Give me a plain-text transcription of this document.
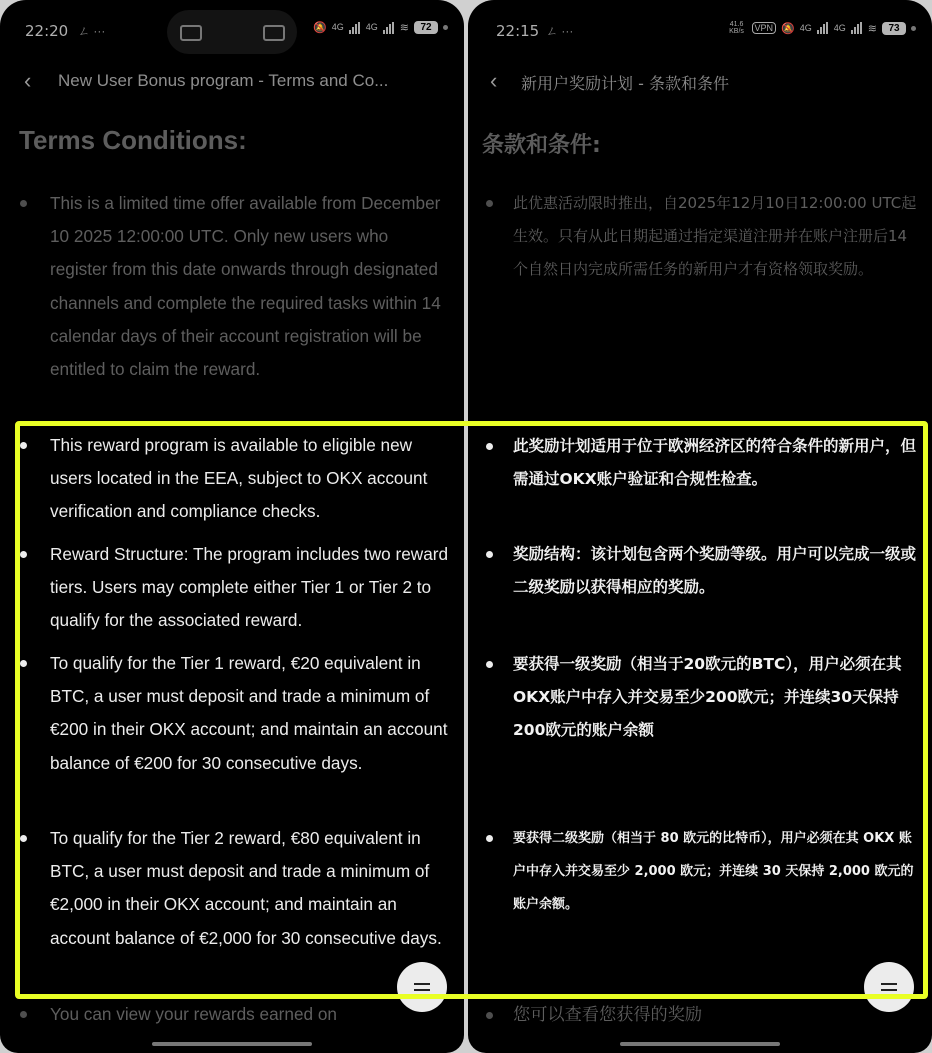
22:20 ㄥ ···	🔕 4G 4G ≋	72
‹ New User Bonus program - Terms and Co...
Terms Conditions:
This is a limited time offer available from December 10 2025 12:00:00 UTC. Only new users who register from this date onwards through designated channels and complete the required tasks within 14 calendar days of their account registration will be entitled to claim the reward.
This reward program is available to eligible new users located in the EEA, subject to OKX account verification and compliance checks.
Reward Structure: The program includes two reward tiers. Users may complete either Tier 1 or Tier 2 to qualify for the associated reward.
To qualify for the Tier 1 reward, €20 equivalent in BTC, a user must deposit and trade a minimum of €200 in their OKX account; and maintain an account balance of €200 for 30 consecutive days.
To qualify for the Tier 2 reward, €80 equivalent in BTC, a user must deposit and trade a minimum of €2,000 in their OKX account; and maintain an account balance of €2,000 for 30 consecutive days.
You can view your rewards earned on
22:15 ㄥ ···	41.6 KB/s	VPN 🔕 4G 4G ≋	73
‹ 新用户奖励计划 - 条款和条件
条款和条件:
此优惠活动限时推出，自2025年12月10日12:00:00 UTC起生效。只有从此日期起通过指定渠道注册并在账户注册后14个自然日内完成所需任务的新用户才有资格领取奖励。
此奖励计划适用于位于欧洲经济区的符合条件的新用户，但需通过OKX账户验证和合规性检查。
奖励结构：该计划包含两个奖励等级。用户可以完成一级或二级奖励以获得相应的奖励。
要获得一级奖励（相当于20欧元的BTC），用户必须在其OKX账户中存入并交易至少200欧元；并连续30天保持200欧元的账户余额
要获得二级奖励（相当于 80 欧元的比特币），用户必须在其 OKX 账户中存入并交易至少 2,000 欧元；并连续 30 天保持 2,000 欧元的账户余额。
您可以查看您获得的奖励
